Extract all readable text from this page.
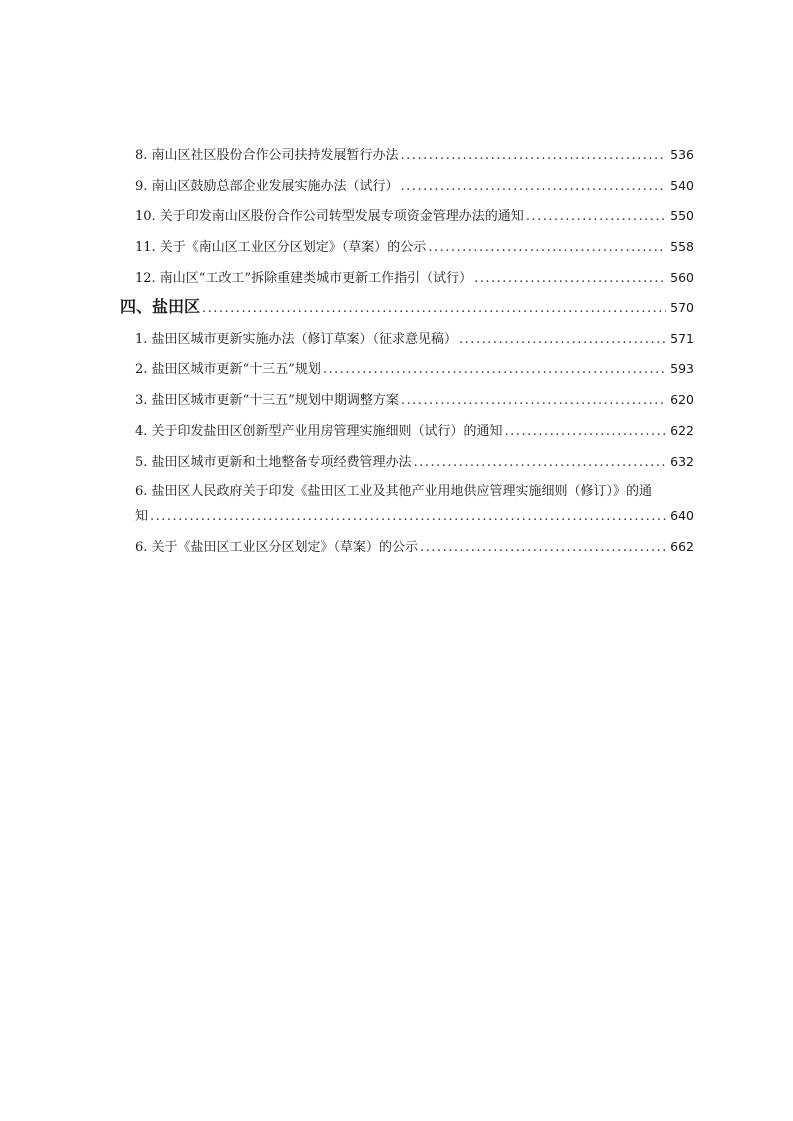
8. 南山区社区股份合作公司扶持发展暂行办法 .....	536
9. 南山区鼓励总部企业发展实施办法（试行） .....	540
10. 关于印发南山区股份合作公司转型发展专项资金管理办法的通知 .....	550
11. 关于《南山区工业区分区划定》（草案）的公示 .....	558
12. 南山区“工改工”拆除重建类城市更新工作指引（试行） .....	560
四、盐田区 .....	570
1. 盐田区城市更新实施办法（修订草案）（征求意见稿） .....	571
2. 盐田区城市更新“十三五”规划 .....	593
3. 盐田区城市更新“十三五”规划中期调整方案 .....	620
4. 关于印发盐田区创新型产业用房管理实施细则（试行）的通知 .....	622
5. 盐田区城市更新和土地整备专项经费管理办法 .....	632
6. 盐田区人民政府关于印发《盐田区工业及其他产业用地供应管理实施细则（修订）》的通
知 .....	640
6. 关于《盐田区工业区分区划定》（草案）的公示 .....	662
